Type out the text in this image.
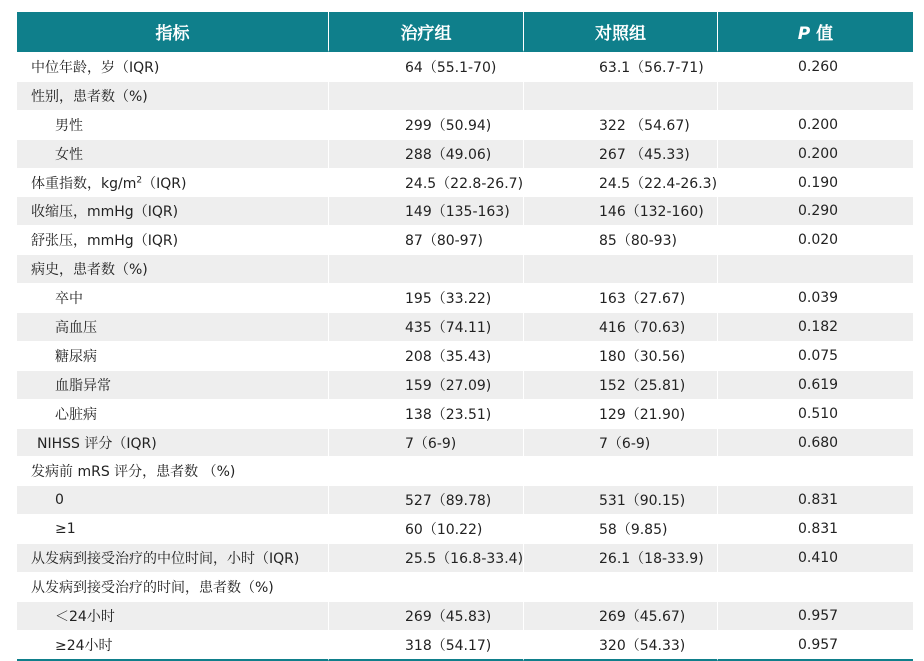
指标	治疗组	对照组	P 值
中位年龄，岁（IQR)	64（55.1-70)	63.1（56.7-71)	0.260
性别，患者数（%)			
男性	299（50.94)	322 （54.67)	0.200
女性	288（49.06)	267 （45.33)	0.200
体重指数，$kg/m^2(IQR)$	24.5（22.8-26.7)	24.5（22.4-26.3)	0.190
收缩压，mmHg（IQR)	149（135-163)	146（132-160)	0.290
舒张压，mmHg（IQR)	87（80-97)	85（80-93)	0.020
病史，患者数（%)			
卒中	195（33.22)	163（27.67)	0.039
高血压	435（74.11)	416（70.63)	0.182
糖尿病	208（35.43)	180（30.56)	0.075
血脂异常	159（27.09)	152（25.81)	0.619
心脏病	138（23.51)	129（21.90)	0.510
NIHSS 评分（IQR)	7（6-9)	7（6-9)	0.680
发病前 mRS 评分，患者数 （%)			
0	527（89.78)	531（90.15)	0.831
≥1	60（10.22)	58（9.85)	0.831
从发病到接受治疗的中位时间，小时（IQR)	25.5（16.8-33.4)	26.1（18-33.9)	0.410
从发病到接受治疗的时间，患者数（%)			
＜24小时	269（45.83)	269（45.67)	0.957
≥24小时	318（54.17)	320（54.33)	0.957
